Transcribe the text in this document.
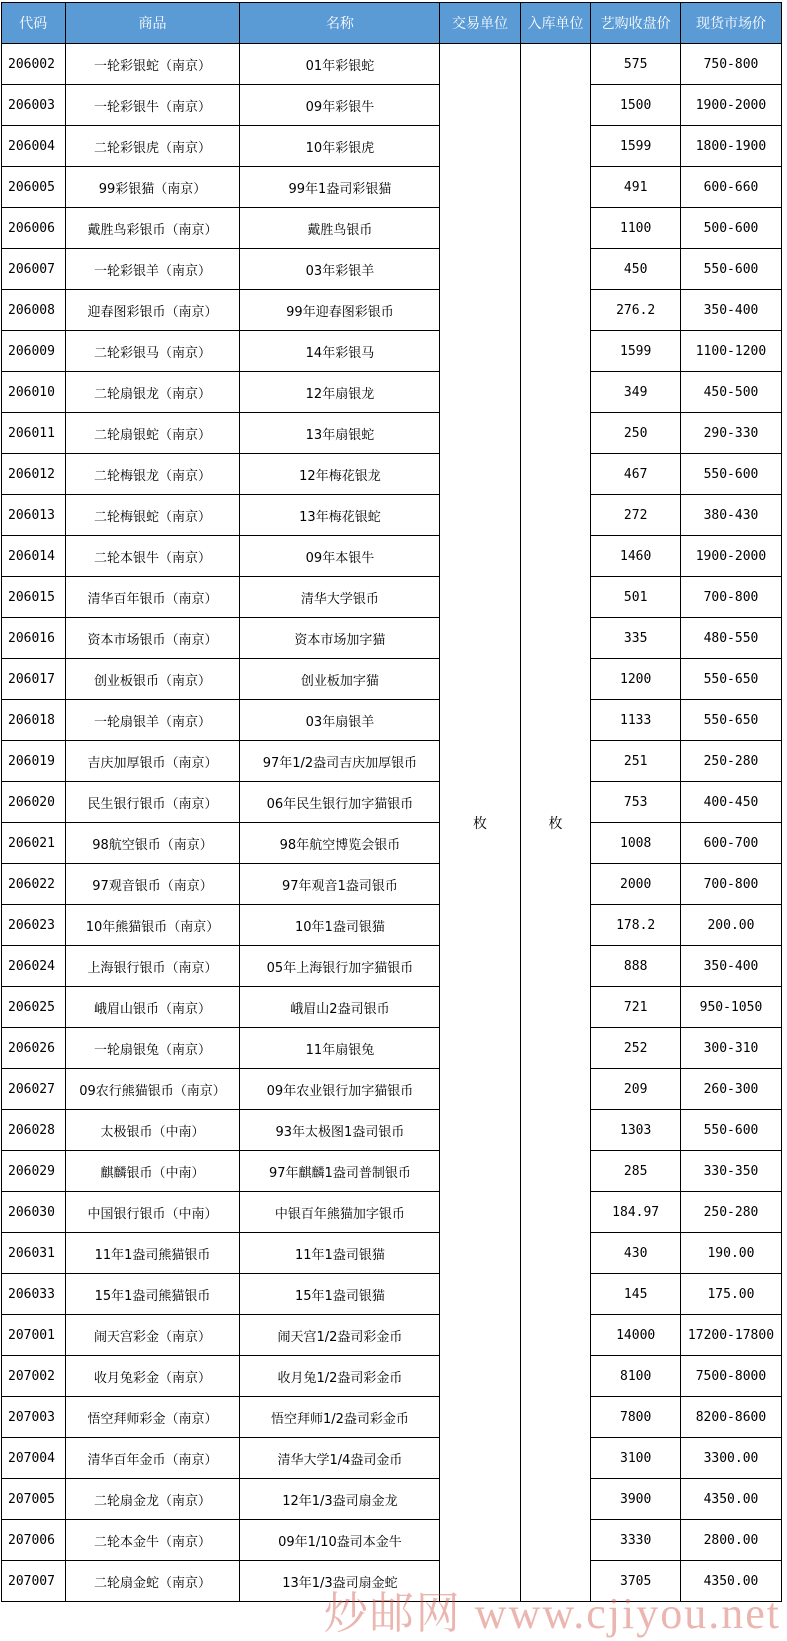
代码	商品	名称	交易单位	入库单位	艺购收盘价	现货市场价
206002	一轮彩银蛇（南京）	01年彩银蛇	枚	枚	575	750-800
206003	一轮彩银牛（南京）	09年彩银牛			1500	1900-2000
206004	二轮彩银虎（南京）	10年彩银虎			1599	1800-1900
206005	99彩银猫（南京）	99年1盎司彩银猫			491	600-660
206006	戴胜鸟彩银币（南京）	戴胜鸟银币			1100	500-600
206007	一轮彩银羊（南京）	03年彩银羊			450	550-600
206008	迎春图彩银币（南京）	99年迎春图彩银币			276.2	350-400
206009	二轮彩银马（南京）	14年彩银马			1599	1100-1200
206010	二轮扇银龙（南京）	12年扇银龙			349	450-500
206011	二轮扇银蛇（南京）	13年扇银蛇			250	290-330
206012	二轮梅银龙（南京）	12年梅花银龙			467	550-600
206013	二轮梅银蛇（南京）	13年梅花银蛇			272	380-430
206014	二轮本银牛（南京）	09年本银牛			1460	1900-2000
206015	清华百年银币（南京）	清华大学银币			501	700-800
206016	资本市场银币（南京）	资本市场加字猫			335	480-550
206017	创业板银币（南京）	创业板加字猫			1200	550-650
206018	一轮扇银羊（南京）	03年扇银羊			1133	550-650
206019	吉庆加厚银币（南京）	97年1/2盎司吉庆加厚银币			251	250-280
206020	民生银行银币（南京）	06年民生银行加字猫银币			753	400-450
206021	98航空银币（南京）	98年航空博览会银币			1008	600-700
206022	97观音银币（南京）	97年观音1盎司银币			2000	700-800
206023	10年熊猫银币（南京）	10年1盎司银猫			178.2	200.00
206024	上海银行银币（南京）	05年上海银行加字猫银币			888	350-400
206025	峨眉山银币（南京）	峨眉山2盎司银币			721	950-1050
206026	一轮扇银兔（南京）	11年扇银兔			252	300-310
206027	09农行熊猫银币（南京）	09年农业银行加字猫银币			209	260-300
206028	太极银币（中南）	93年太极图1盎司银币			1303	550-600
206029	麒麟银币（中南）	97年麒麟1盎司普制银币			285	330-350
206030	中国银行银币（中南）	中银百年熊猫加字银币			184.97	250-280
206031	11年1盎司熊猫银币	11年1盎司银猫			430	190.00
206033	15年1盎司熊猫银币	15年1盎司银猫			145	175.00
207001	闹天宫彩金（南京）	闹天宫1/2盎司彩金币			14000	17200-17800
207002	收月兔彩金（南京）	收月兔1/2盎司彩金币			8100	7500-8000
207003	悟空拜师彩金（南京）	悟空拜师1/2盎司彩金币			7800	8200-8600
207004	清华百年金币（南京）	清华大学1/4盎司金币			3100	3300.00
207005	二轮扇金龙（南京）	12年1/3盎司扇金龙			3900	4350.00
207006	二轮本金牛（南京）	09年1/10盎司本金牛			3330	2800.00
207007	二轮扇金蛇（南京）	13年1/3盎司扇金蛇			3705	4350.00
炒邮网 www.cjiyou.net
